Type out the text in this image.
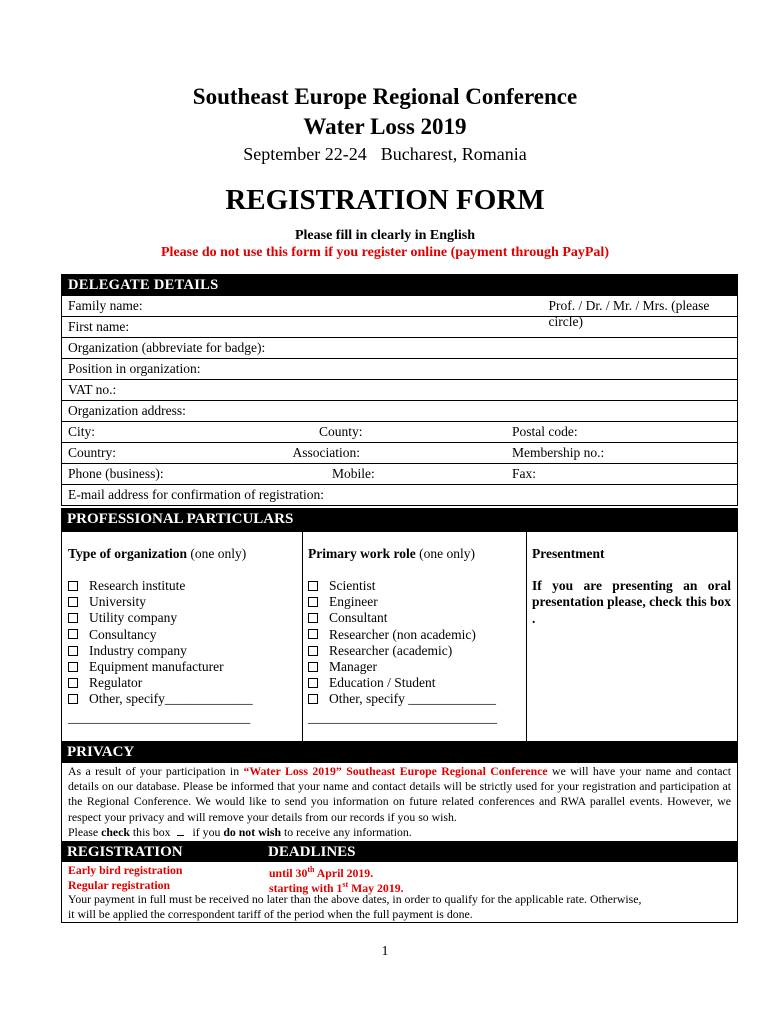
Southeast Europe Regional Conference
Water Loss 2019
September 22-24 Bucharest, Romania
REGISTRATION FORM
Please fill in clearly in English
Please do not use this form if you register online (payment through PayPal)
DELEGATE DETAILS		
Family name: Prof. / Dr. / Mr. / Mrs. (please circle)		

First name:		
Organization (abbreviate for badge):		
Position in organization:		
VAT no.:		
Organization address:		
City:	County:	Postal code:
Country: Association:		Membership no.:
Phone (business):	Mobile:	Fax:
E-mail address for confirmation of registration:		
PROFESSIONAL PARTICULARS
Type of organization (one only)
Research institute
University
Utility company
Consultancy
Industry company
Equipment manufacturer
Regulator
Other, specify_____________
___________________________
Primary work role (one only)
Scientist
Engineer
Consultant
Researcher (non academic)
Researcher (academic)
Manager
Education / Student
Other, specify _____________
____________________________
Presentment
If you are presenting an oral presentation please, check this box .
PRIVACY
As a result of your participation in “Water Loss 2019” Southeast Europe Regional Conference we will have your name and contact details on our database. Please be informed that your name and contact details will be strictly used for your registration and participation at the Regional Conference. We would like to send you information on future related conferences and RWA parallel events. However, we respect your privacy and will remove your details from our records if you so wish.
Please check this box if you do not wish to receive any information.
REGISTRATION	DEADLINES
Early bird registration	until 30th April 2019.
Regular registration	starting with 1st May 2019.
Your payment in full must be received no later than the above dates, in order to qualify for the applicable rate. Otherwise,
it will be applied the correspondent tariff of the period when the full payment is done.
1
